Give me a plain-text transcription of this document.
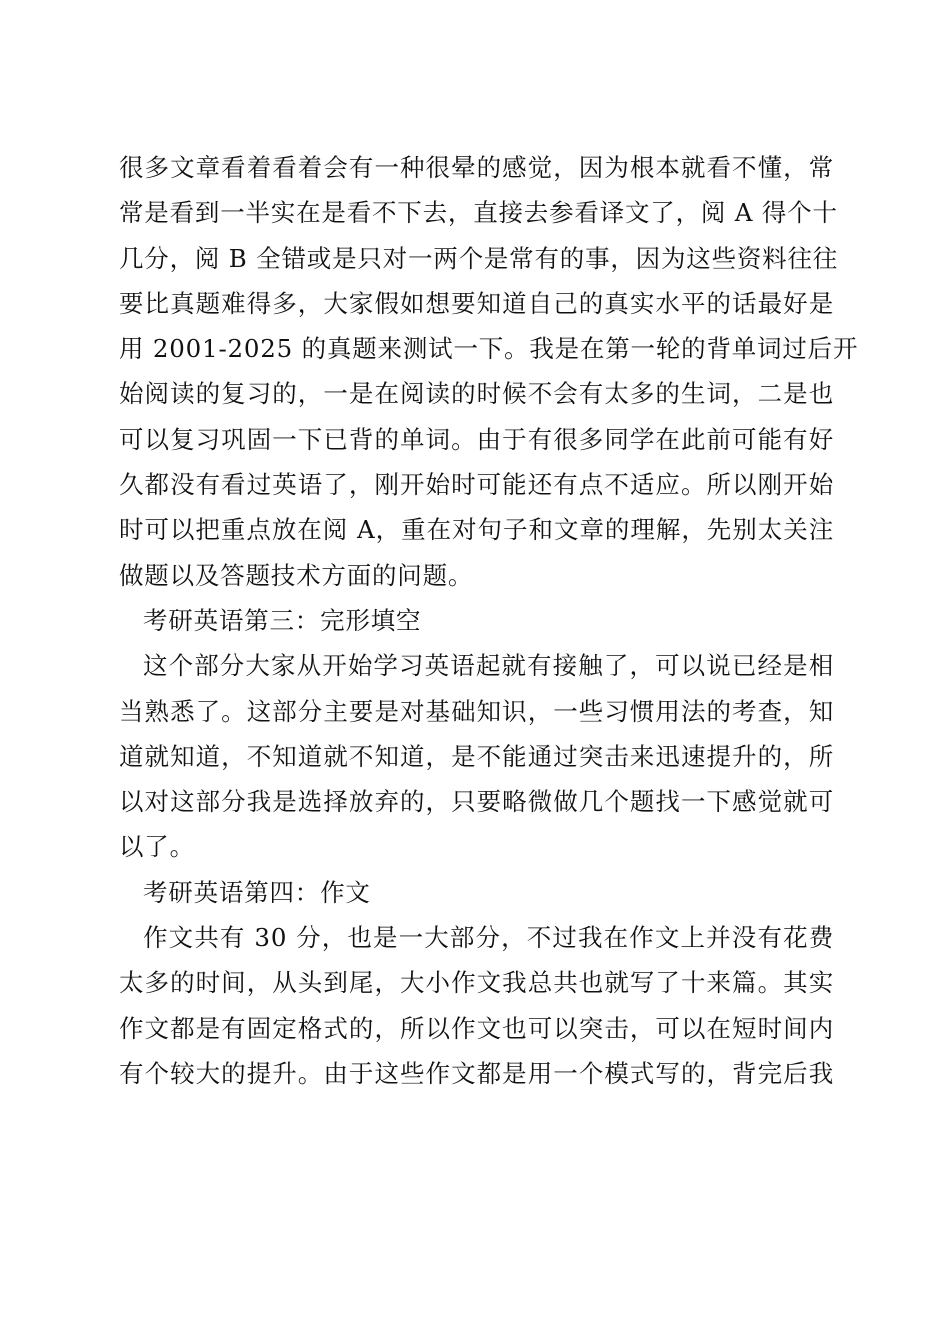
很多文章看着看着会有一种很晕的感觉，因为根本就看不懂，常
常是看到一半实在是看不下去，直接去参看译文了，阅 A 得个十
几分，阅 B 全错或是只对一两个是常有的事，因为这些资料往往
要比真题难得多，大家假如想要知道自己的真实水平的话最好是
用 2001-2025 的真题来测试一下。我是在第一轮的背单词过后开
始阅读的复习的，一是在阅读的时候不会有太多的生词，二是也
可以复习巩固一下已背的单词。由于有很多同学在此前可能有好
久都没有看过英语了，刚开始时可能还有点不适应。所以刚开始
时可以把重点放在阅 A，重在对句子和文章的理解，先别太关注
做题以及答题技术方面的问题。
考研英语第三：完形填空
这个部分大家从开始学习英语起就有接触了，可以说已经是相
当熟悉了。这部分主要是对基础知识，一些习惯用法的考查，知
道就知道，不知道就不知道，是不能通过突击来迅速提升的，所
以对这部分我是选择放弃的，只要略微做几个题找一下感觉就可
以了。
考研英语第四：作文
作文共有 30 分，也是一大部分，不过我在作文上并没有花费
太多的时间，从头到尾，大小作文我总共也就写了十来篇。其实
作文都是有固定格式的，所以作文也可以突击，可以在短时间内
有个较大的提升。由于这些作文都是用一个模式写的，背完后我
